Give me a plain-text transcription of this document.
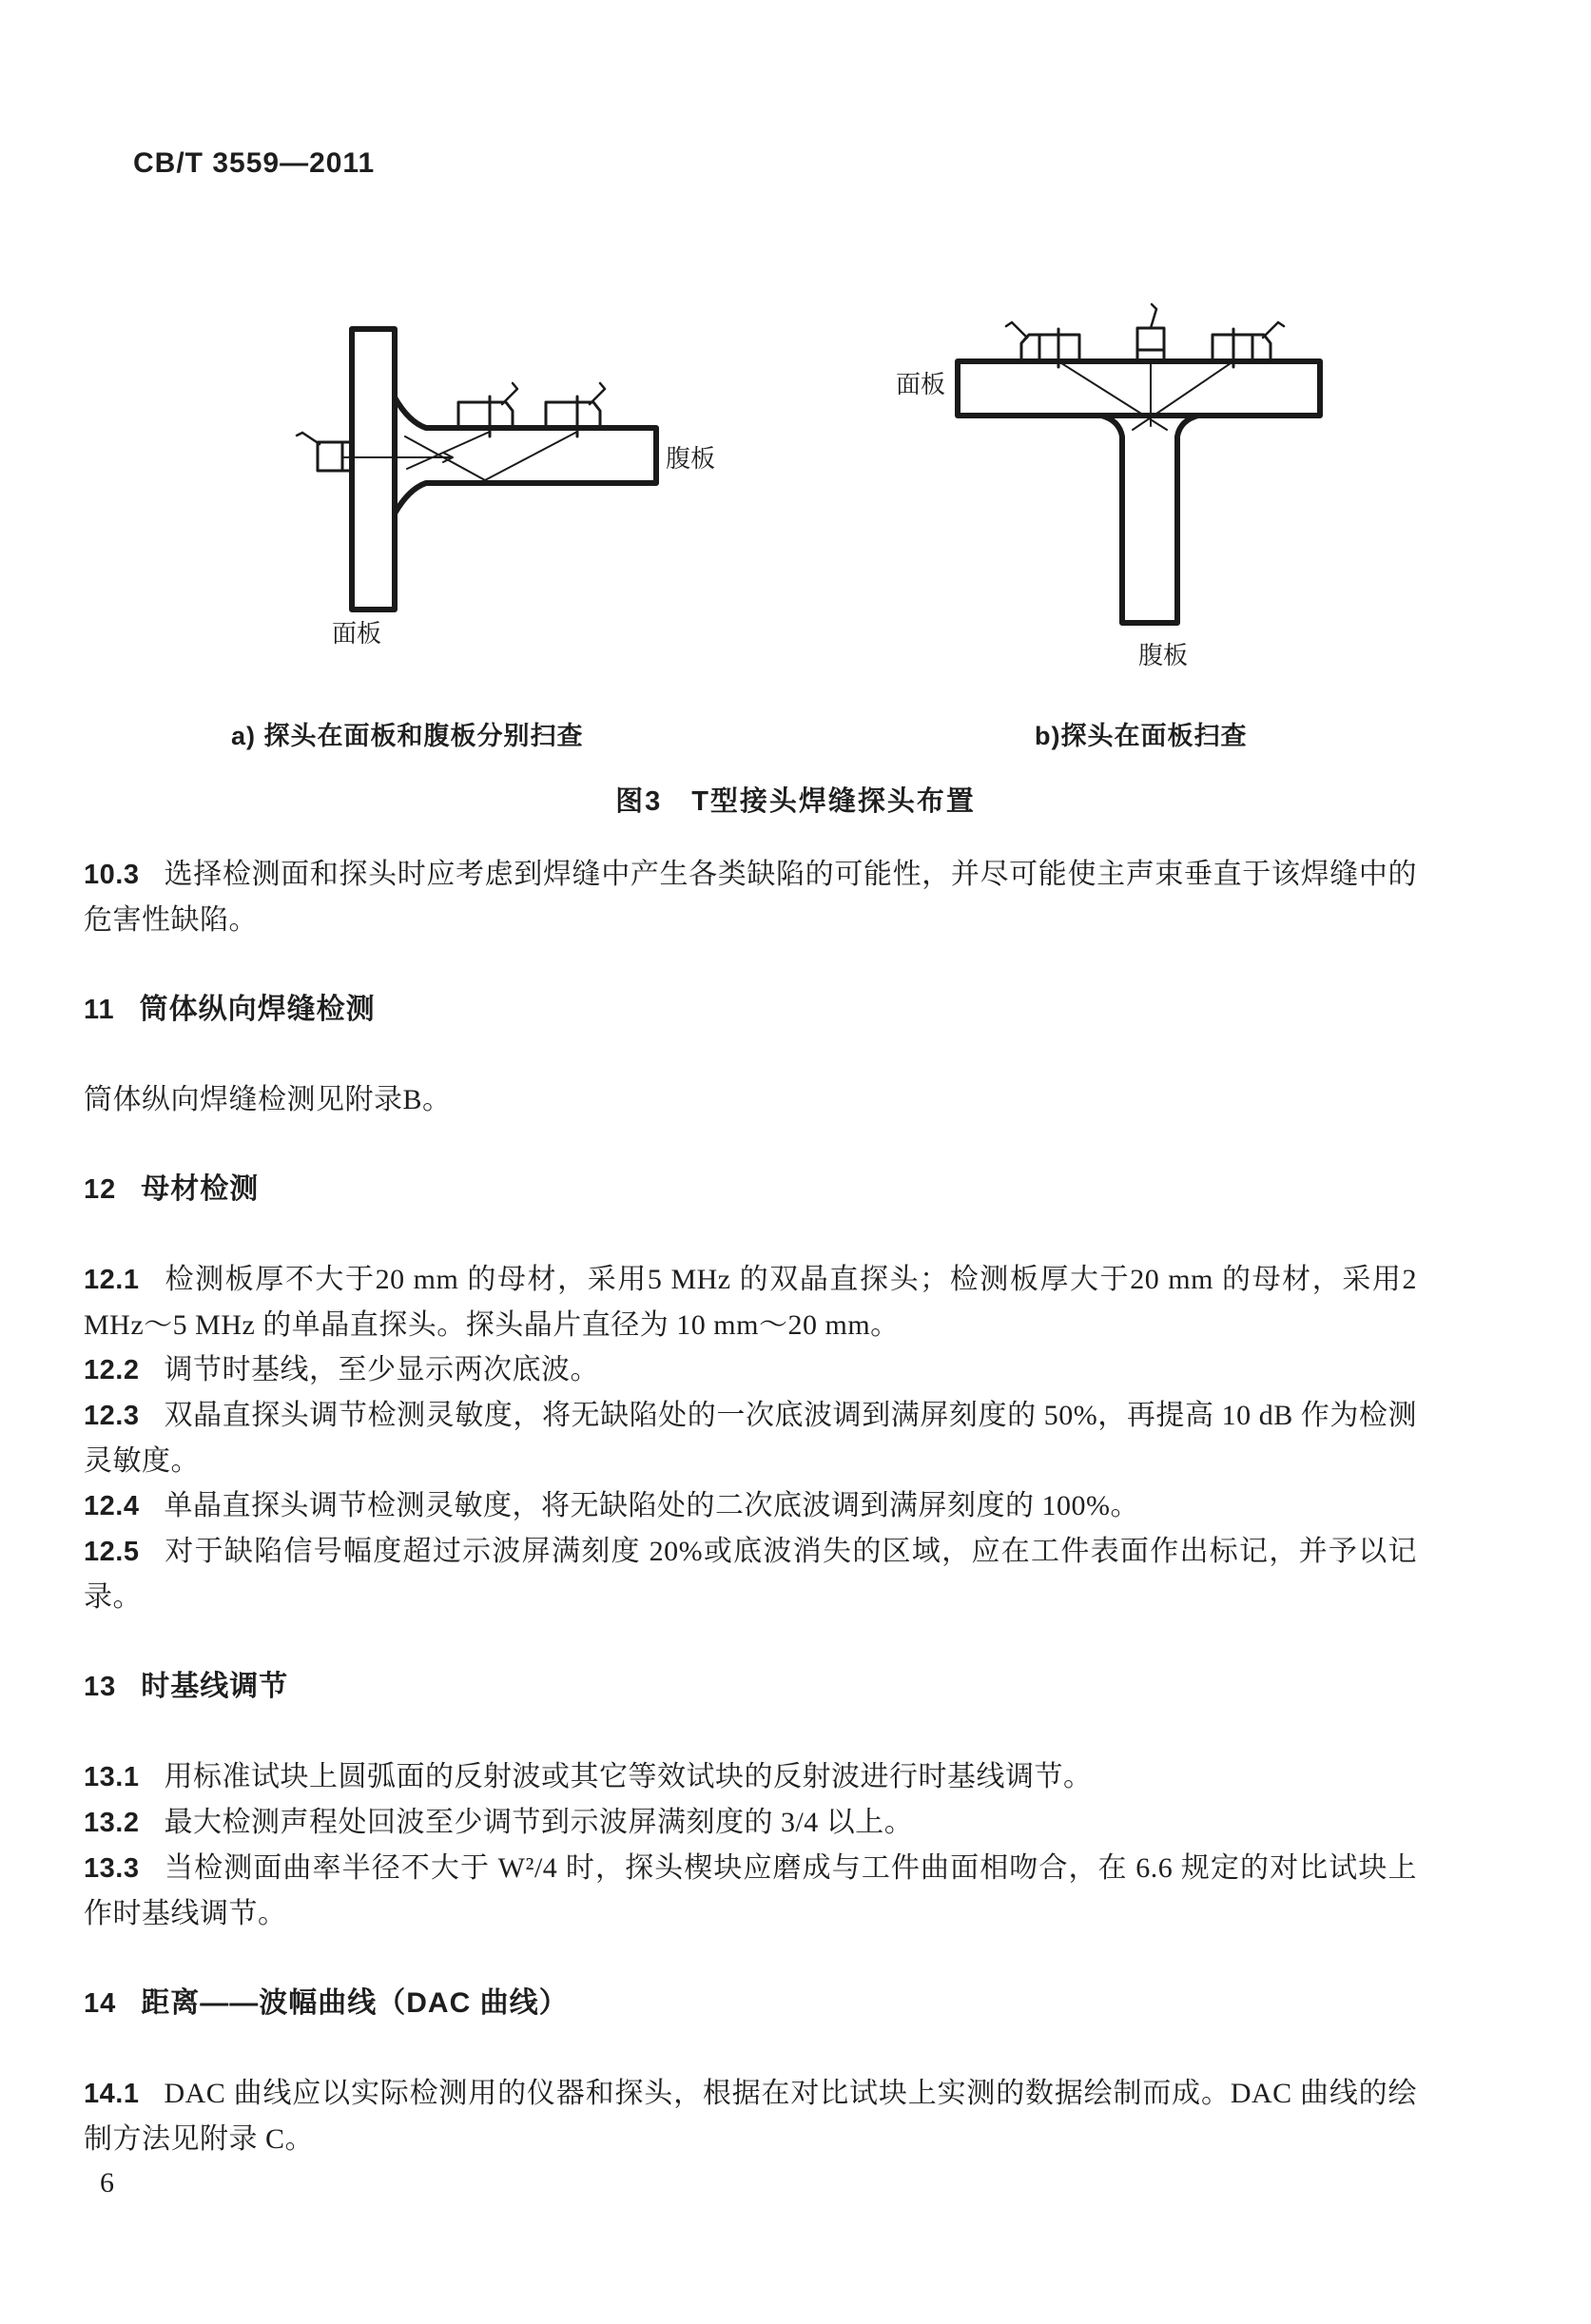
CB/T 3559—2011
面板
腹板
面板
腹板
a) 探头在面板和腹板分别扫查	b)探头在面板扫查
图3　T型接头焊缝探头布置

10.3 选择检测面和探头时应考虑到焊缝中产生各类缺陷的可能性，并尽可能使主声束垂直于该焊缝中的危害性缺陷。

11 筒体纵向焊缝检测

筒体纵向焊缝检测见附录B。

12 母材检测

12.1 检测板厚不大于20 mm 的母材，采用5 MHz 的双晶直探头；检测板厚大于20 mm 的母材，采用2 MHz～5 MHz 的单晶直探头。探头晶片直径为 10 mm～20 mm。

12.2 调节时基线，至少显示两次底波。

12.3 双晶直探头调节检测灵敏度，将无缺陷处的一次底波调到满屏刻度的 50%，再提高 10 dB 作为检测灵敏度。

12.4 单晶直探头调节检测灵敏度，将无缺陷处的二次底波调到满屏刻度的 100%。

12.5 对于缺陷信号幅度超过示波屏满刻度 20%或底波消失的区域，应在工件表面作出标记，并予以记录。

13 时基线调节

13.1 用标准试块上圆弧面的反射波或其它等效试块的反射波进行时基线调节。

13.2 最大检测声程处回波至少调节到示波屏满刻度的 3/4 以上。

13.3 当检测面曲率半径不大于 W²/4 时，探头楔块应磨成与工件曲面相吻合，在 6.6 规定的对比试块上作时基线调节。

14 距离——波幅曲线（DAC 曲线）

14.1 DAC 曲线应以实际检测用的仪器和探头，根据在对比试块上实测的数据绘制而成。DAC 曲线的绘制方法见附录 C。

6
